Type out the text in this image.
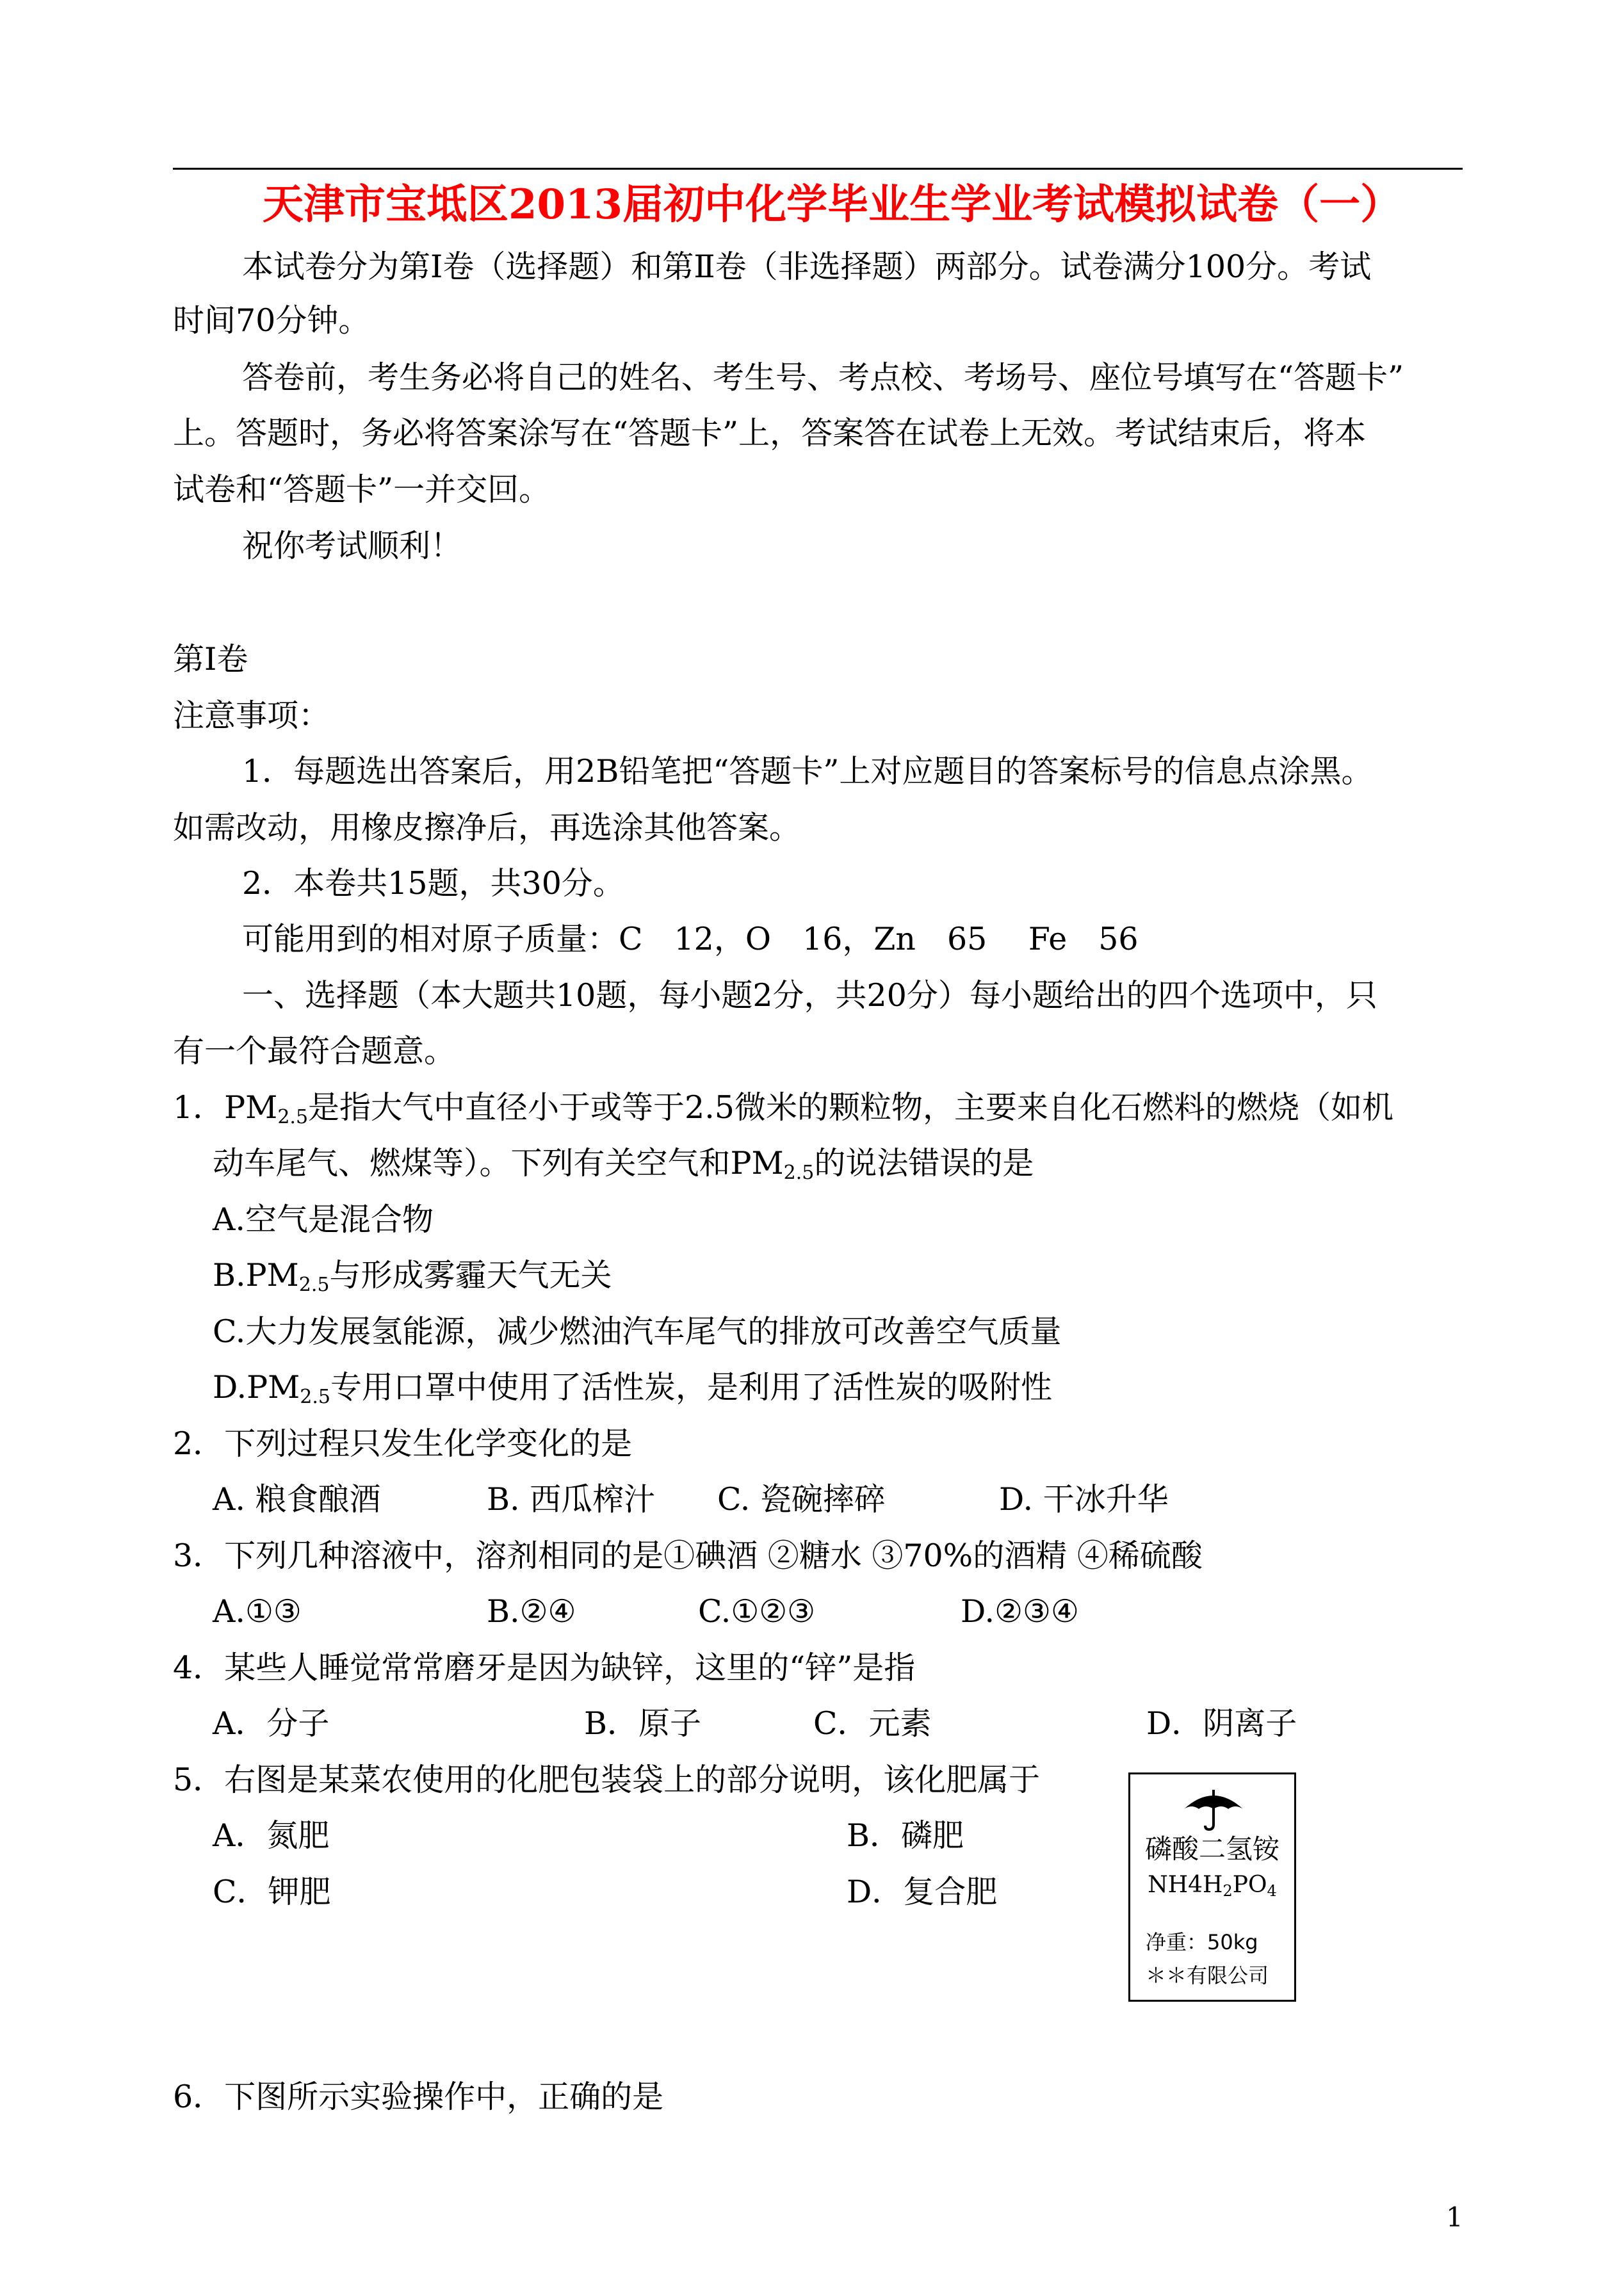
天津市宝坻区2013届初中化学毕业生学业考试模拟试卷（一）
本试卷分为第Ⅰ卷（选择题）和第Ⅱ卷（非选择题）两部分。试卷满分100分。考试
时间70分钟。
答卷前，考生务必将自己的姓名、考生号、考点校、考场号、座位号填写在“答题卡”
上。答题时，务必将答案涂写在“答题卡”上，答案答在试卷上无效。考试结束后，将本
试卷和“答题卡”一并交回。
祝你考试顺利！
第Ⅰ卷
注意事项：
1．每题选出答案后，用2B铅笔把“答题卡”上对应题目的答案标号的信息点涂黑。
如需改动，用橡皮擦净后，再选涂其他答案。
2．本卷共15题，共30分。
可能用到的相对原子质量：C　12，O　16，Zn　65　 Fe　56
一、选择题（本大题共10题，每小题2分，共20分）每小题给出的四个选项中，只
有一个最符合题意。
1．$PM_{2.5}$是指大气中直径小于或等于2.5微米的颗粒物，主要来自化石燃料的燃烧（如机
动车尾气、燃煤等）。下列有关空气和$PM_{2.5}$的说法错误的是
A.空气是混合物
$B.PM_{2.5}$与形成雾霾天气无关
C.大力发展氢能源，减少燃油汽车尾气的排放可改善空气质量
$D.PM_{2.5}$专用口罩中使用了活性炭，是利用了活性炭的吸附性
2．下列过程只发生化学变化的是
A. 粮食酿酒	B. 西瓜榨汁 C. 瓷碗摔碎	D. 干冰升华
3．下列几种溶液中，溶剂相同的是①碘酒 ②糖水 ③70%的酒精 ④稀硫酸
A.①③	B.②④	C.①②③	D.②③④
4．某些人睡觉常常磨牙是因为缺锌，这里的“锌”是指
A．分子	B．原子	C．元素	D．阴离子
5．右图是某菜农使用的化肥包装袋上的部分说明，该化肥属于
A．氮肥	B．磷肥
C．钾肥	D．复合肥
磷酸二氢铵
$NH4H_2PO_4$
净重：50kg
＊＊有限公司
6．下图所示实验操作中，正确的是
1
